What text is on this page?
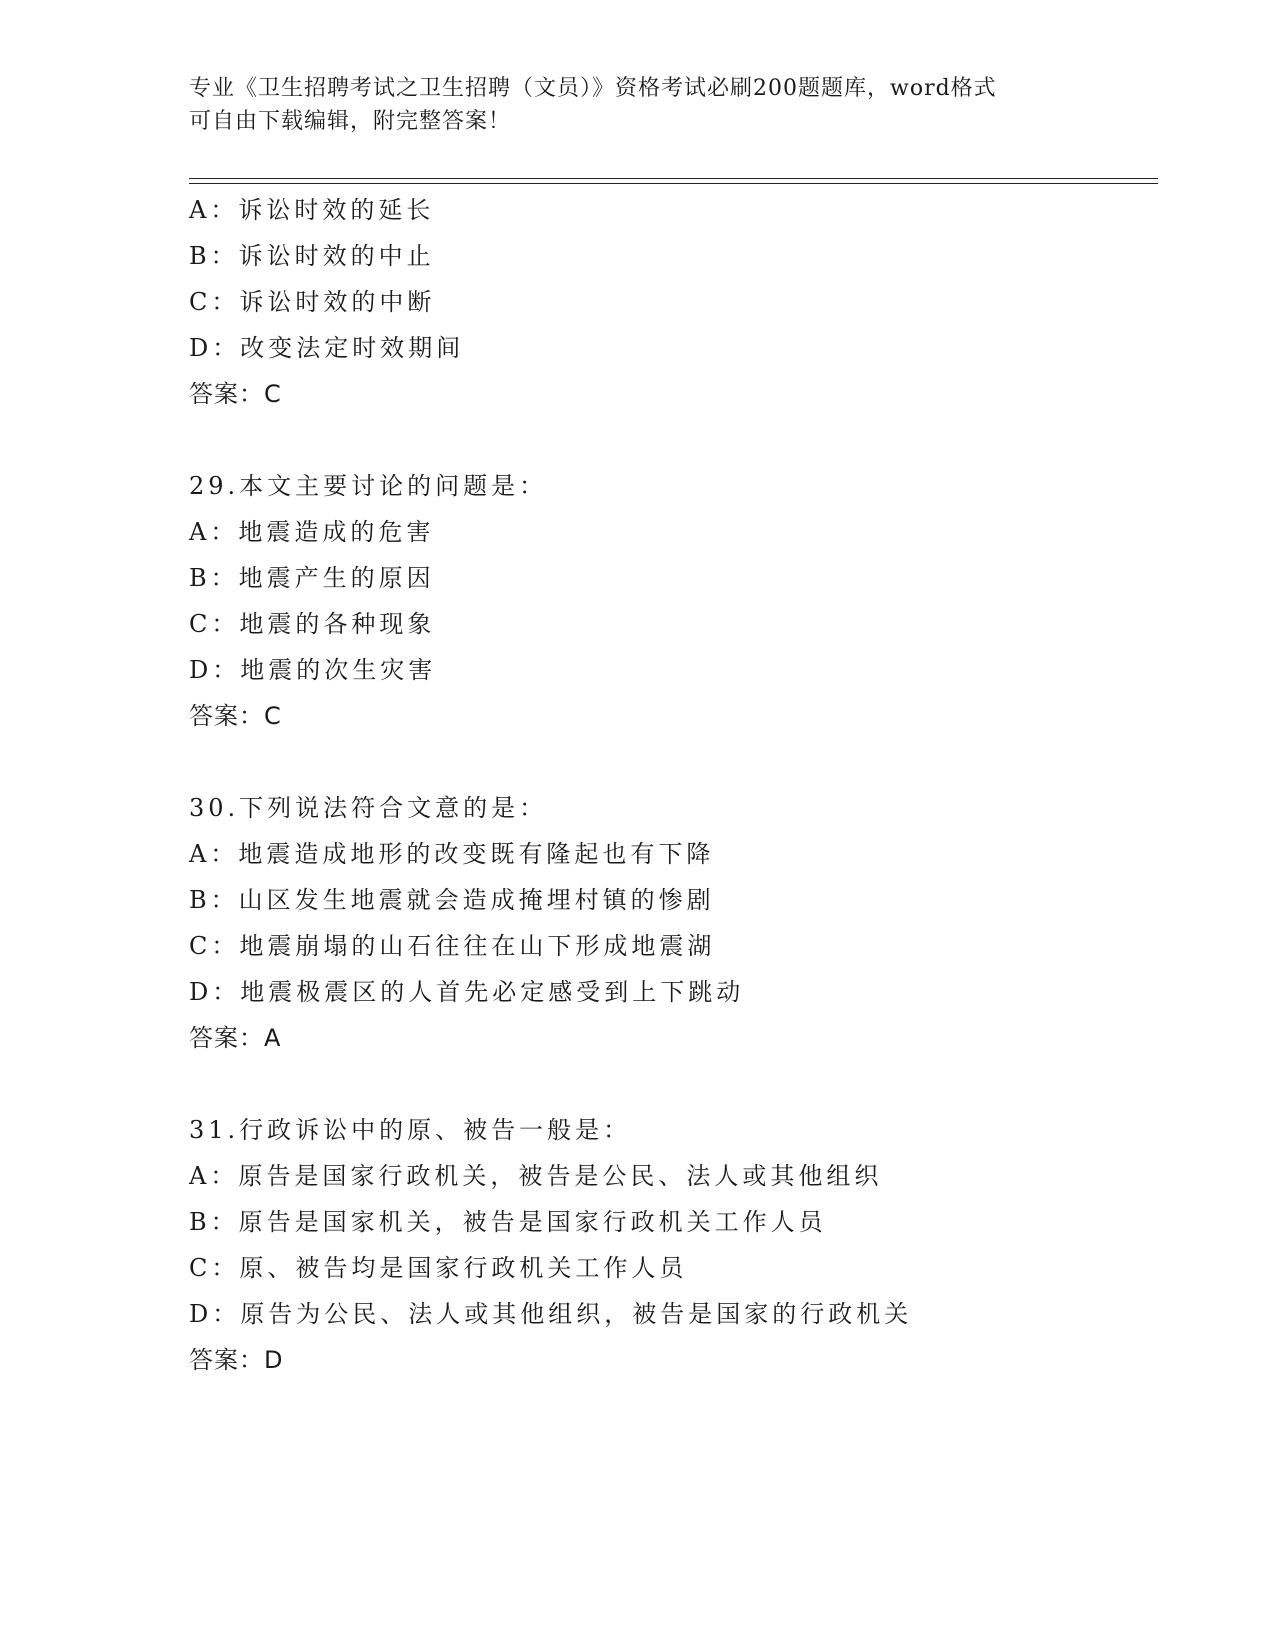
专业《卫生招聘考试之卫生招聘（文员）》资格考试必刷200题题库，word格式
可自由下载编辑，附完整答案！
A：诉讼时效的延长
B：诉讼时效的中止
C：诉讼时效的中断
D：改变法定时效期间
答案：C
29.本文主要讨论的问题是：
A：地震造成的危害
B：地震产生的原因
C：地震的各种现象
D：地震的次生灾害
答案：C
30.下列说法符合文意的是：
A：地震造成地形的改变既有隆起也有下降
B：山区发生地震就会造成掩埋村镇的惨剧
C：地震崩塌的山石往往在山下形成地震湖
D：地震极震区的人首先必定感受到上下跳动
答案：A
31.行政诉讼中的原、被告一般是：
A：原告是国家行政机关，被告是公民、法人或其他组织
B：原告是国家机关，被告是国家行政机关工作人员
C：原、被告均是国家行政机关工作人员
D：原告为公民、法人或其他组织，被告是国家的行政机关
答案：D
